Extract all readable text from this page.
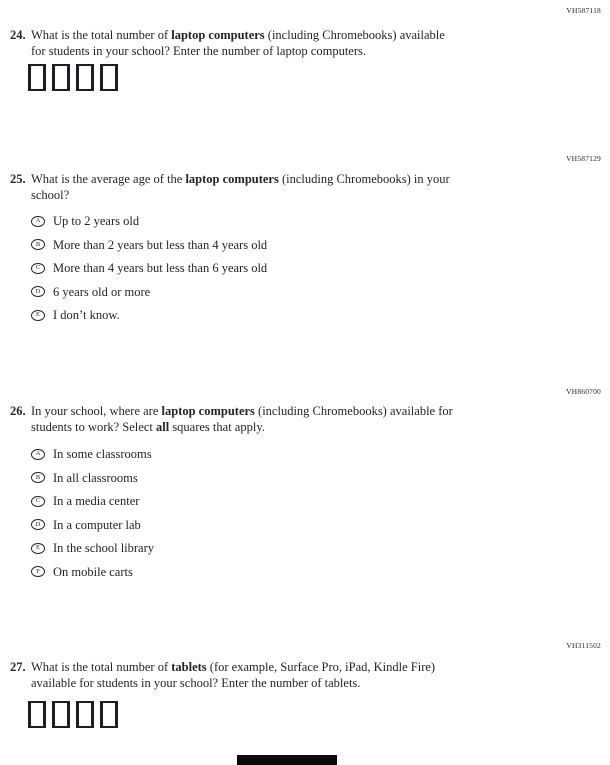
VH587118
24. What is the total number of laptop computers (including Chromebooks) available
for students in your school? Enter the number of laptop computers.
VH587129
25. What is the average age of the laptop computers (including Chromebooks) in your
school?
A	Up to 2 years old
B	More than 2 years but less than 4 years old
C	More than 4 years but less than 6 years old
D	6 years old or more
E	I don’t know.
VH860700
26. In your school, where are laptop computers (including Chromebooks) available for
students to work? Select all squares that apply.
A	In some classrooms
B	In all classrooms
C	In a media center
D	In a computer lab
E	In the school library
F	On mobile carts
VH311502
27. What is the total number of tablets (for example, Surface Pro, iPad, Kindle Fire)
available for students in your school? Enter the number of tablets.
